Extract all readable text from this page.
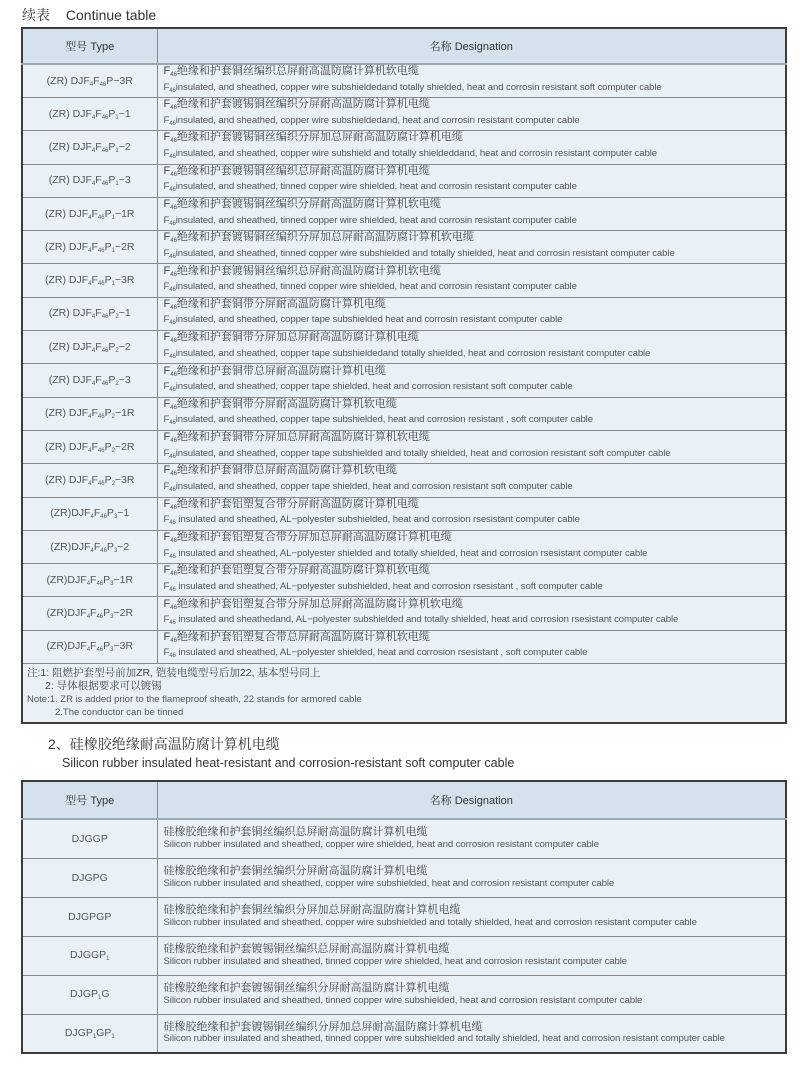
续表 Continue table
型号 Type	名称 Designation
(ZR) $DJF_4F_{46}P-3R$	$F_{46}$绝缘和护套铜丝编织总屏耐高温防腐计算机软电缆
$F_{46}insulated$, and sheathed, copper wire subshieldedand totally shielded, heat and corrosin resistant soft computer cable

(ZR) $DJF_4F_{46}P_1-1$	$F_{46}$绝缘和护套镀锡铜丝编织分屏耐高温防腐计算机电缆
$F_{46}insulated$, and sheathed, copper wire subshieldedand, heat and corrosin resistant computer cable

(ZR) $DJF_4F_{46}P_1-2$	$F_{46}$绝缘和护套镀锡铜丝编织分屏加总屏耐高温防腐计算机电缆
$F_{46}insulated$, and sheathed, copper wire subshield and totally shieldeddand, heat and corrosin resistant computer cable

(ZR) $DJF_4F_{46}P_1-3$	$F_{46}$绝缘和护套镀锡铜丝编织总屏耐高温防腐计算机电缆
$F_{46}insulated$, and sheathed, tinned copper wire shielded, heat and corrosin resistant computer cable

(ZR) $DJF_4F_{46}P_1-1R$	$F_{46}$绝缘和护套镀锡铜丝编织分屏耐高温防腐计算机软电缆
$F_{46}insulated$, and sheathed, tinned copper wire shielded, heat and corrosin resistant computer cable

(ZR) $DJF_4F_{46}P_1-2R$	$F_{46}$绝缘和护套镀锡铜丝编织分屏加总屏耐高温防腐计算机软电缆
$F_{46}insulated$, and sheathed, tinned copper wire subshielded and totally shielded, heat and corrosin resistant computer cable

(ZR) $DJF_4F_{46}P_1-3R$	$F_{46}$绝缘和护套镀锡铜丝编织总屏耐高温防腐计算机软电缆
$F_{46}insulated$, and sheathed, tinned copper wire shielded, heat and corrosin resistant computer cable

(ZR) $DJF_4F_{46}P_2-1$	$F_{46}$绝缘和护套铜带分屏耐高温防腐计算机电缆
$F_{46}insulated$, and sheathed, copper tape subshielded heat and corrosin resistant computer cable

(ZR) $DJF_4F_{46}P_2-2$	$F_{46}$绝缘和护套铜带分屏加总屏耐高温防腐计算机电缆
$F_{46}insulated$, and sheathed, copper tape subshieldedand totally shielded, heat and corrosion resistant computer cable

(ZR) $DJF_4F_{46}P_2-3$	$F_{46}$绝缘和护套铜带总屏耐高温防腐计算机电缆
$F_{46}insulated$, and sheathed, copper tape shielded, heat and corrosion resistant soft computer cable

(ZR) $DJF_4F_{46}P_2-1R$	$F_{46}$绝缘和护套铜带分屏耐高温防腐计算机软电缆
$F_{46}insulated$, and sheathed, copper tape subshielded, heat and corrosion resistant , soft computer cable

(ZR) $DJF_4F_{46}P_2-2R$	$F_{46}$绝缘和护套铜带分屏加总屏耐高温防腐计算机软电缆
$F_{46}insulated$, and sheathed, copper tape subshielded and totally shielded, heat and corrosion resistant soft computer cable

(ZR) $DJF_4F_{46}P_2-3R$	$F_{46}$绝缘和护套铜带总屏耐高温防腐计算机软电缆
$F_{46}insulated$, and sheathed, copper tape shielded, heat and corrosion resistant soft computer cable

$(ZR)DJF_4F_{46}P_3-1$	$F_{46}$绝缘和护套铝塑复合带分屏耐高温防腐计算机电缆
$F_{46}$ insulated and sheathed, AL−polyester subshielded, heat and corrosion rsesistant computer cable

$(ZR)DJF_4F_{46}P_3-2$	$F_{46}$绝缘和护套铝塑复合带分屏加总屏耐高温防腐计算机电缆
$F_{46}$ insulated and sheathed, AL−polyester shielded and totally shielded, heat and corrosion rsesistant computer cable

$(ZR)DJF_4F_{46}P_3-1R$	$F_{46}$绝缘和护套铝塑复合带分屏耐高温防腐计算机软电缆
$F_{46}$ insulated and sheathed, AL−polyester subshielded, heat and corrosion rsesistant , soft computer cable

$(ZR)DJF_4F_{46}P_3-2R$	$F_{46}$绝缘和护套铝塑复合带分屏加总屏耐高温防腐计算机软电缆
$F_{46}$ insulated and sheathedand, AL−polyester subshielded and totally shielded, heat and corrosion rsesistant computer cable

$(ZR)DJF_4F_{46}P_3-3R$	$F_{46}$绝缘和护套铝塑复合带总屏耐高温防腐计算机软电缆
$F_{46}$ insulated and sheathed, AL−polyester shielded, heat and corrosion rsesistant , soft computer cable

注:1: 阻燃护套型号前加ZR, 铠装电缆型号后加22, 基本型号同上
2: 导体根据要求可以镀锡
Note:1. ZR is added prior to the flameproof sheath, 22 stands for armored cable
2.The conductor can be tinned	
2、硅橡胶绝缘耐高温防腐计算机电缆
Silicon rubber insulated heat-resistant and corrosion-resistant soft computer cable
型号 Type	名称 Designation
DJGGP	硅橡胶绝缘和护套铜丝编织总屏耐高温防腐计算机电缆
Silicon rubber insulated and sheathed, copper wire shielded, heat and corrosion resistant computer cable

DJGPG	硅橡胶绝缘和护套铜丝编织分屏耐高温防腐计算机电缆
Silicon rubber insulated and sheathed, copper wire subshielded, heat and corrosion resistant computer cable

DJGPGP	硅橡胶绝缘和护套铜丝编织分屏加总屏耐高温防腐计算机电缆
Silicon rubber insulated and sheathed, copper wire subshielded and totally shielded, heat and corrosion resistant computer cable

$DJGGP_1$	硅橡胶绝缘和护套镀锡铜丝编织总屏耐高温防腐计算机电缆
Silicon rubber insulated and sheathed, tinned copper wire shielded, heat and corrosion resistant computer cable

$DJGP_1G$	硅橡胶绝缘和护套镀锡铜丝编织分屏耐高温防腐计算机电缆
Silicon rubber insulated and sheathed, tinned copper wire subshielded, heat and corrosion resistant computer cable

$DJGP_1GP_1$	硅橡胶绝缘和护套镀锡铜丝编织分屏加总屏耐高温防腐计算机电缆
Silicon rubber insulated and sheathed, tinned copper wire subshielded and totally shielded, heat and corrosion resistant computer cable
